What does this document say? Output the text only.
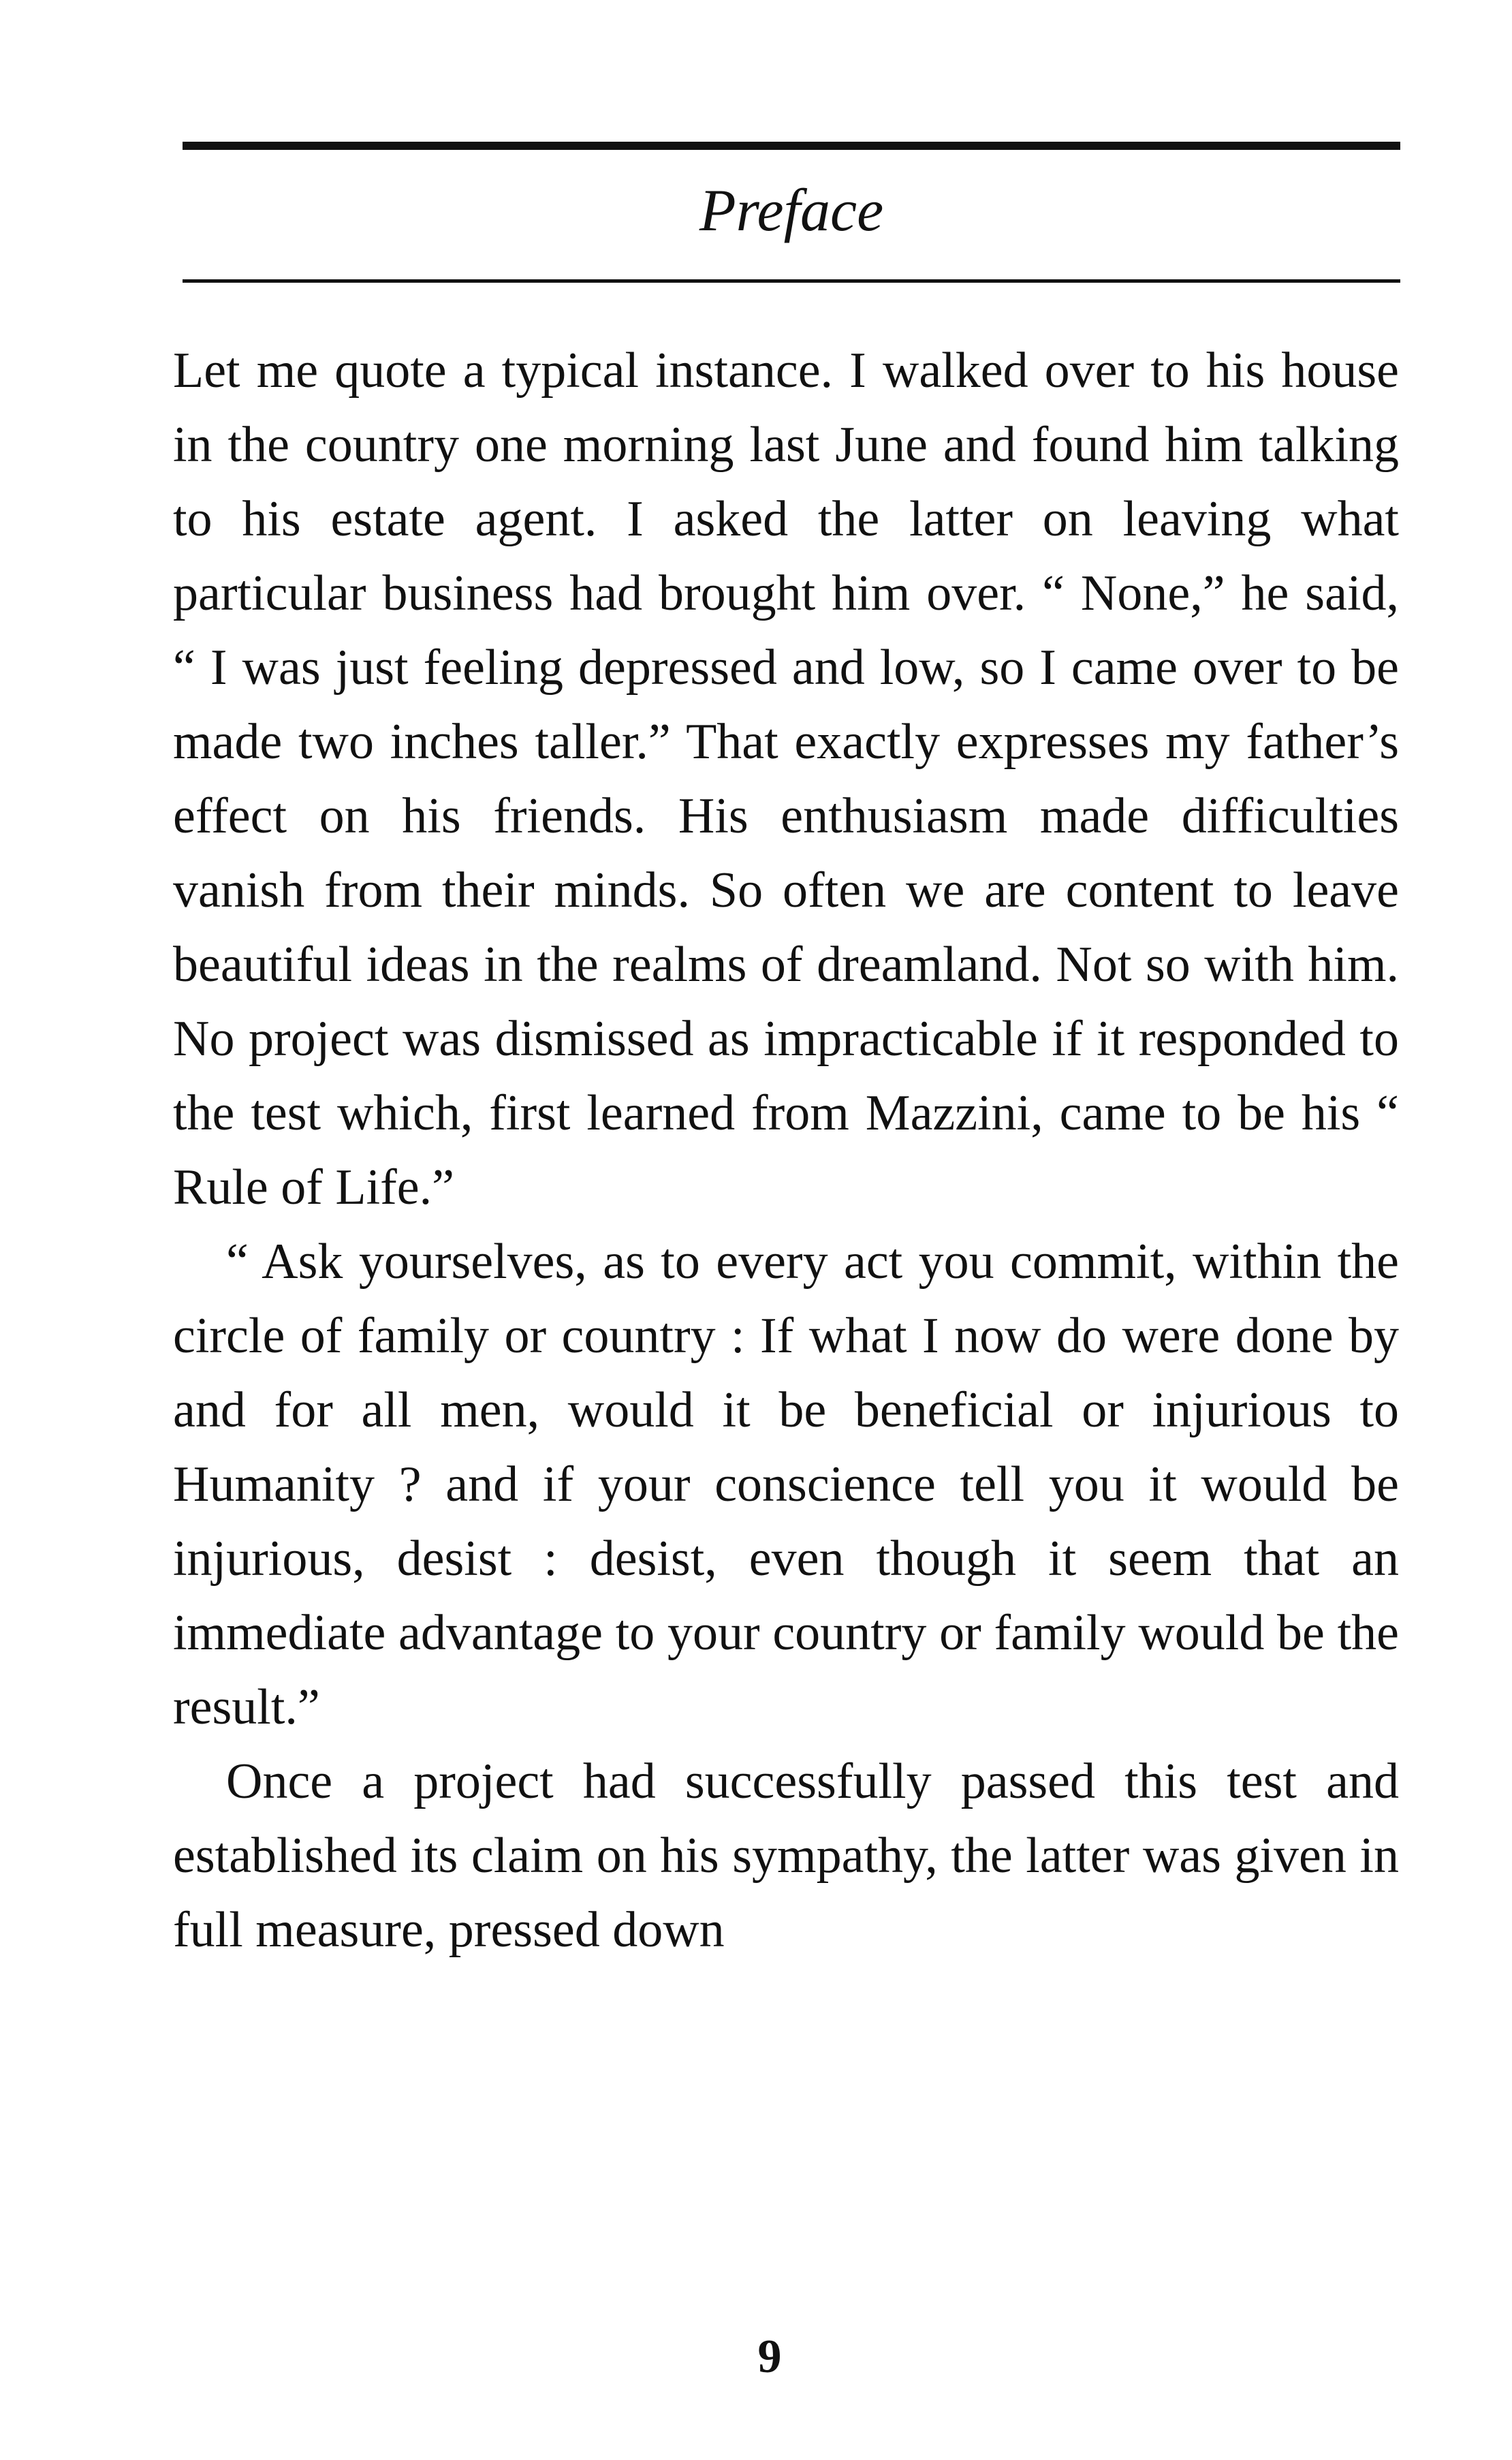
Preface

Let me quote a typical instance. I walked over to his house in the country one morning last June and found him talking to his estate agent. I asked the latter on leaving what particular business had brought him over. “ None,” he said, “ I was just feeling depressed and low, so I came over to be made two inches taller.” That exactly expresses my father’s effect on his friends. His enthusiasm made difficulties vanish from their minds. So often we are content to leave beautiful ideas in the realms of dreamland. Not so with him. No project was dismissed as impracticable if it responded to the test which, first learned from Mazzini, came to be his “ Rule of Life.”

“ Ask yourselves, as to every act you commit, within the circle of family or country : If what I now do were done by and for all men, would it be beneficial or injurious to Humanity ? and if your conscience tell you it would be injurious, desist : desist, even though it seem that an immediate advantage to your country or family would be the result.”

Once a project had successfully passed this test and established its claim on his sympathy, the latter was given in full measure, pressed down

9
